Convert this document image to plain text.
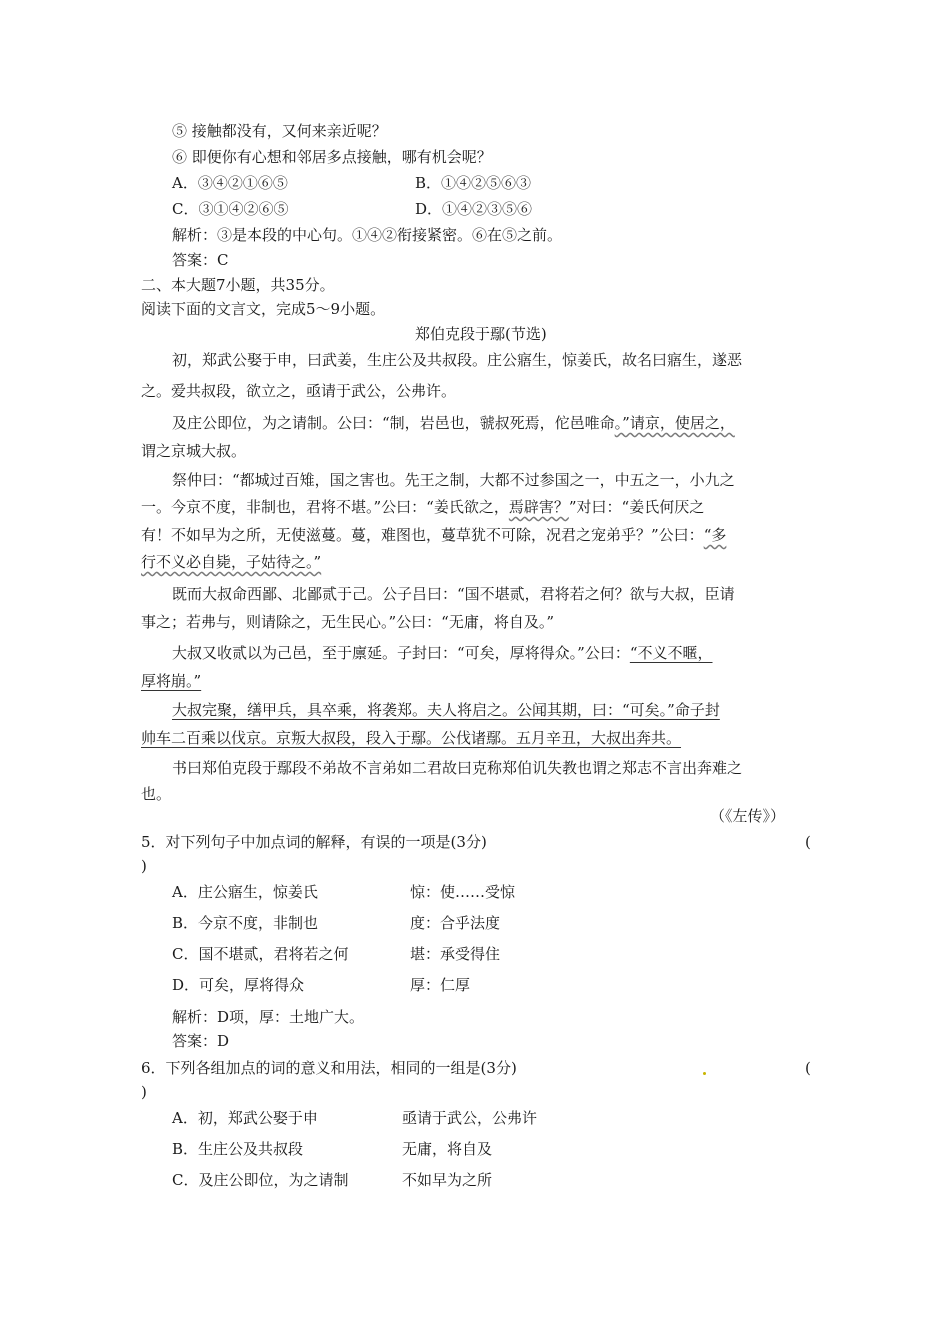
⑤ 接触都没有，又何来亲近呢？
⑥ 即便你有心想和邻居多点接触，哪有机会呢？
A．③④②①⑥⑤	B．①④②⑤⑥③
C．③①④②⑥⑤	D．①④②③⑤⑥
解析：③是本段的中心句。①④②衔接紧密。⑥在⑤之前。
答案：C
二、本大题7小题，共35分。
阅读下面的文言文，完成5～9小题。
郑伯克段于鄢(节选)
初，郑武公娶于申，曰武姜，生庄公及共叔段。庄公寤生，惊姜氏，故名曰寤生，遂恶
之。爱共叔段，欲立之，亟请于武公，公弗许。
及庄公即位，为之请制。公曰：“制，岩邑也，虢叔死焉，佗邑唯命。”请京，使居之，
谓之京城大叔。
祭仲曰：“都城过百雉，国之害也。先王之制，大都不过参国之一，中五之一，小九之
一。今京不度，非制也，君将不堪。”公曰：“姜氏欲之，焉辟害？”对曰：“姜氏何厌之
有！不如早为之所，无使滋蔓。蔓，难图也，蔓草犹不可除，况君之宠弟乎？”公曰：“多
行不义必自毙，子姑待之。”
既而大叔命西鄙、北鄙贰于己。公子吕曰：“国不堪贰，君将若之何？欲与大叔，臣请
事之；若弗与，则请除之，无生民心。”公曰：“无庸，将自及。”
大叔又收贰以为己邑，至于廪延。子封曰：“可矣，厚将得众。”公曰：“不义不暱，
厚将崩。”
大叔完聚，缮甲兵，具卒乘，将袭郑。夫人将启之。公闻其期，曰：“可矣。”命子封
帅车二百乘以伐京。京叛大叔段，段入于鄢。公伐诸鄢。五月辛丑，大叔出奔共。
书曰郑伯克段于鄢段不弟故不言弟如二君故曰克称郑伯讥失教也谓之郑志不言出奔难之
也。
（《左传》）
5．对下列句子中加点词的解释，有误的一项是(3分)	(
)
A．庄公寤生，惊姜氏	惊：使……受惊
B．今京不度，非制也	度：合乎法度
C．国不堪贰，君将若之何	堪：承受得住
D．可矣，厚将得众	厚：仁厚
解析：D项，厚：土地广大。
答案：D
6．下列各组加点的词的意义和用法，相同的一组是(3分)	(
)
A．初，郑武公娶于申	亟请于武公，公弗许
B．生庄公及共叔段	无庸，将自及
C．及庄公即位，为之请制	不如早为之所
